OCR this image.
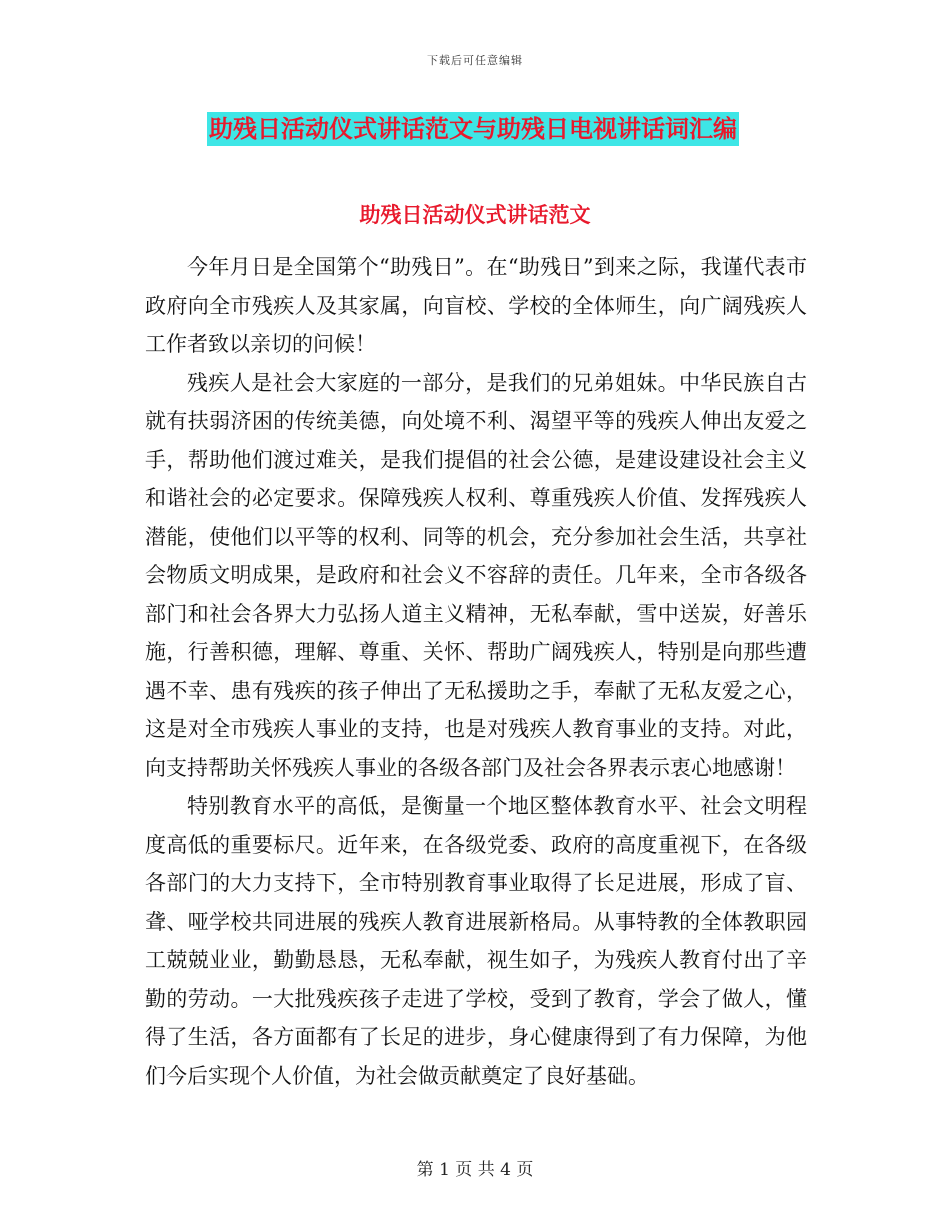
下载后可任意编辑
助残日活动仪式讲话范文与助残日电视讲话词汇编
助残日活动仪式讲话范文

今年月日是全国第个“助残日”。在“助残日”到来之际，我谨代表市政府向全市残疾人及其家属，向盲校、学校的全体师生，向广阔残疾人工作者致以亲切的问候！

残疾人是社会大家庭的一部分，是我们的兄弟姐妹。中华民族自古就有扶弱济困的传统美德，向处境不利、渴望平等的残疾人伸出友爱之手，帮助他们渡过难关，是我们提倡的社会公德，是建设建设社会主义和谐社会的必定要求。保障残疾人权利、尊重残疾人价值、发挥残疾人潜能，使他们以平等的权利、同等的机会，充分参加社会生活，共享社会物质文明成果，是政府和社会义不容辞的责任。几年来，全市各级各部门和社会各界大力弘扬人道主义精神，无私奉献，雪中送炭，好善乐施，行善积德，理解、尊重、关怀、帮助广阔残疾人，特别是向那些遭遇不幸、患有残疾的孩子伸出了无私援助之手，奉献了无私友爱之心，这是对全市残疾人事业的支持，也是对残疾人教育事业的支持。对此，向支持帮助关怀残疾人事业的各级各部门及社会各界表示衷心地感谢！

特别教育水平的高低，是衡量一个地区整体教育水平、社会文明程度高低的重要标尺。近年来，在各级党委、政府的高度重视下，在各级各部门的大力支持下，全市特别教育事业取得了长足进展，形成了盲、聋、哑学校共同进展的残疾人教育进展新格局。从事特教的全体教职园工兢兢业业，勤勤恳恳，无私奉献，视生如子，为残疾人教育付出了辛勤的劳动。一大批残疾孩子走进了学校，受到了教育，学会了做人，懂得了生活，各方面都有了长足的进步，身心健康得到了有力保障，为他们今后实现个人价值，为社会做贡献奠定了良好基础。

第 1 页 共 4 页
